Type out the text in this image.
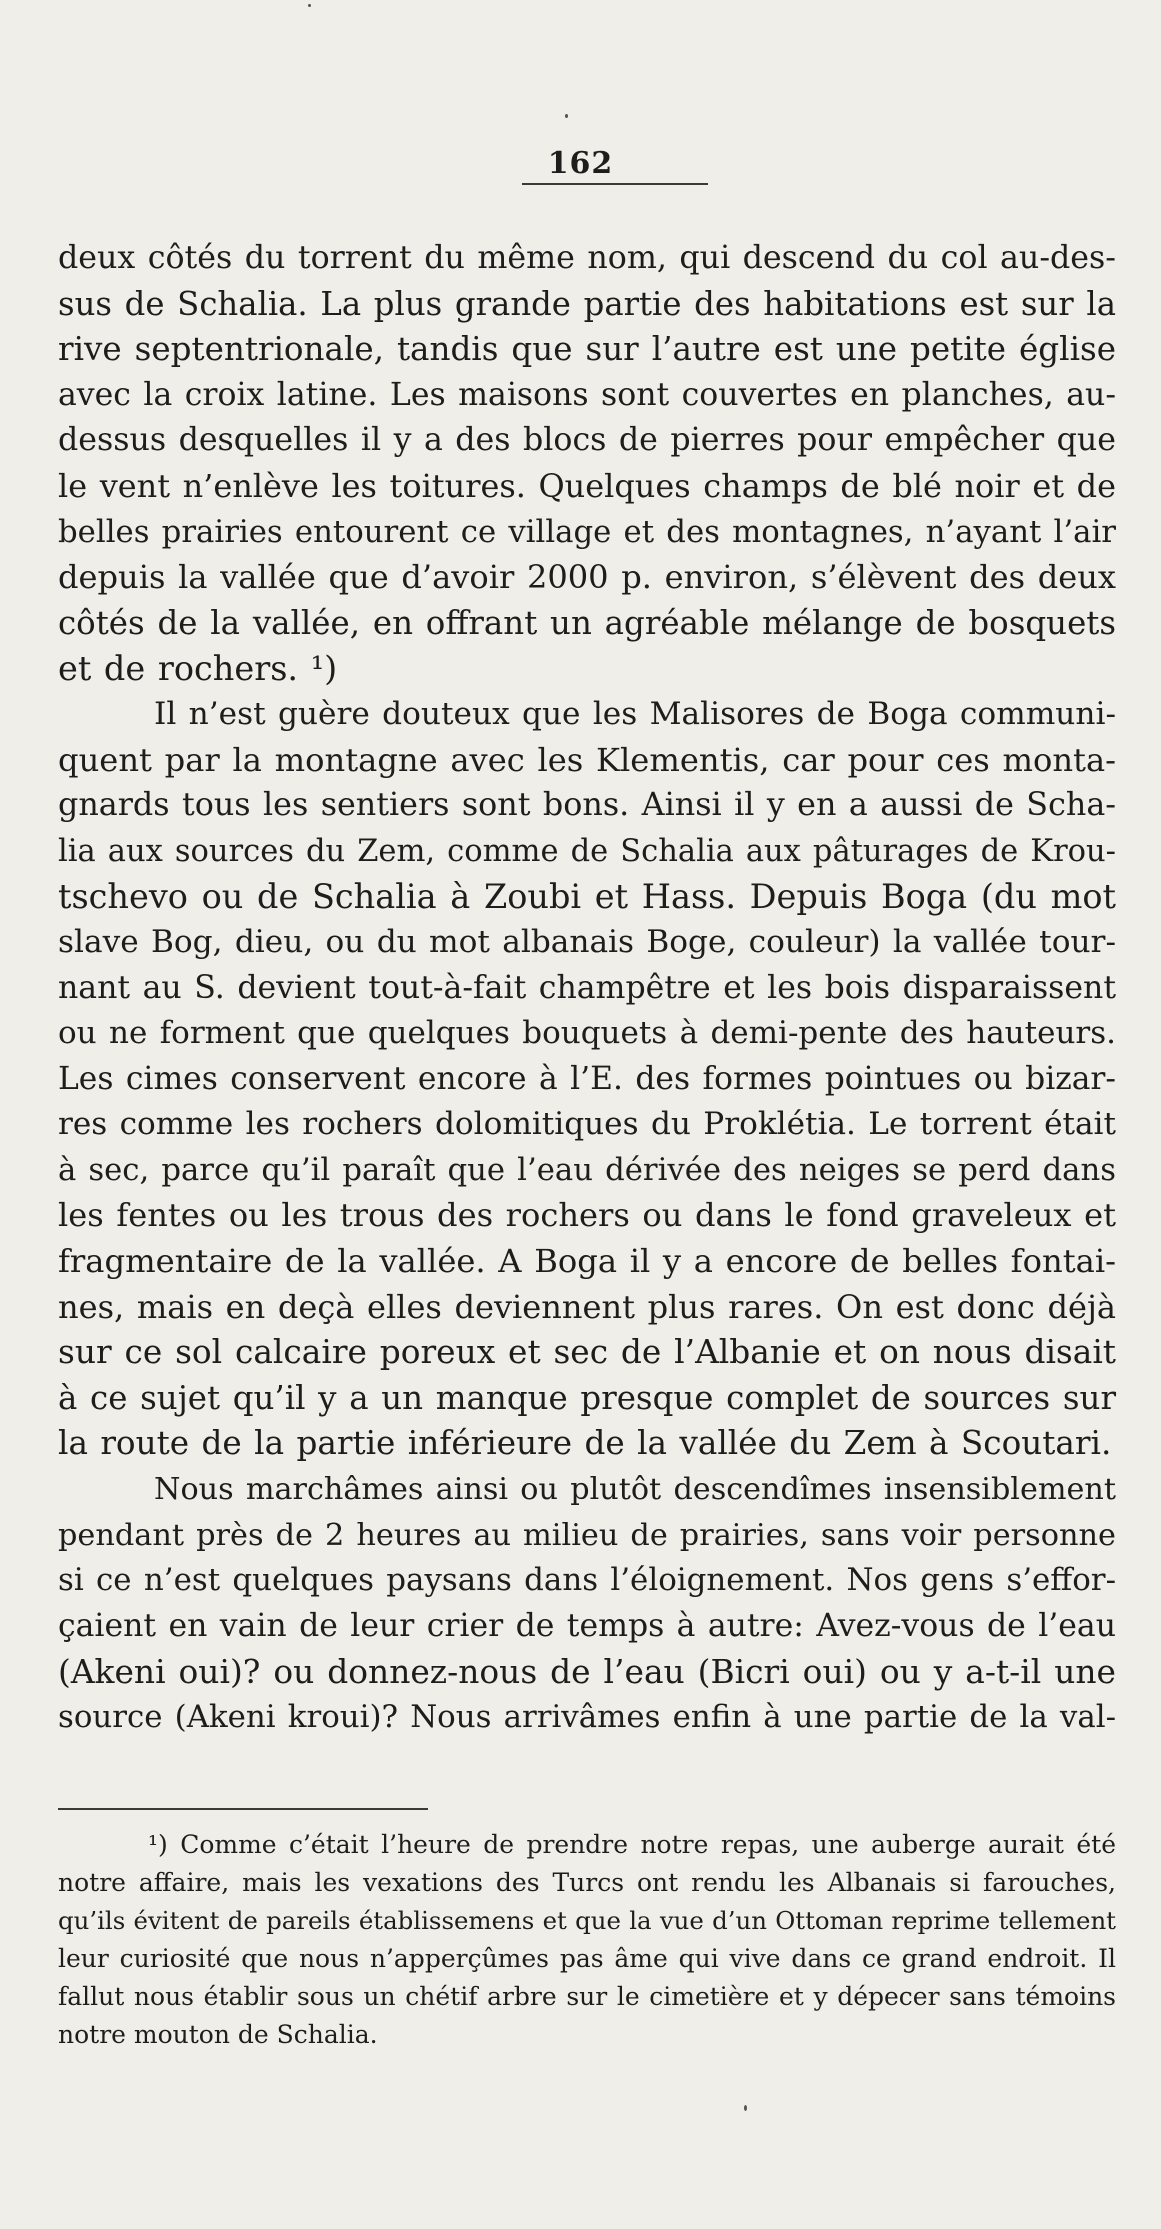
162
deux côtés du torrent du même nom, qui descend du col au-des-
sus de Schalia. La plus grande partie des habitations est sur la
rive septentrionale, tandis que sur l’autre est une petite église
avec la croix latine. Les maisons sont couvertes en planches, au-
dessus desquelles il y a des blocs de pierres pour empêcher que
le vent n’enlève les toitures. Quelques champs de blé noir et de
belles prairies entourent ce village et des montagnes, n’ayant l’air
depuis la vallée que d’avoir 2000 p. environ, s’élèvent des deux
côtés de la vallée, en offrant un agréable mélange de bosquets
et de rochers. ¹)
Il n’est guère douteux que les Malisores de Boga communi-
quent par la montagne avec les Klementis, car pour ces monta-
gnards tous les sentiers sont bons. Ainsi il y en a aussi de Scha-
lia aux sources du Zem, comme de Schalia aux pâturages de Krou-
tschevo ou de Schalia à Zoubi et Hass. Depuis Boga (du mot
slave Bog, dieu, ou du mot albanais Boge, couleur) la vallée tour-
nant au S. devient tout-à-fait champêtre et les bois disparaissent
ou ne forment que quelques bouquets à demi-pente des hauteurs.
Les cimes conservent encore à l’E. des formes pointues ou bizar-
res comme les rochers dolomitiques du Proklétia. Le torrent était
à sec, parce qu’il paraît que l’eau dérivée des neiges se perd dans
les fentes ou les trous des rochers ou dans le fond graveleux et
fragmentaire de la vallée. A Boga il y a encore de belles fontai-
nes, mais en deçà elles deviennent plus rares. On est donc déjà
sur ce sol calcaire poreux et sec de l’Albanie et on nous disait
à ce sujet qu’il y a un manque presque complet de sources sur
la route de la partie inférieure de la vallée du Zem à Scoutari.
Nous marchâmes ainsi ou plutôt descendîmes insensiblement
pendant près de 2 heures au milieu de prairies, sans voir personne
si ce n’est quelques paysans dans l’éloignement. Nos gens s’effor-
çaient en vain de leur crier de temps à autre: Avez-vous de l’eau
(Akeni oui)? ou donnez-nous de l’eau (Bicri oui) ou y a-t-il une
source (Akeni kroui)? Nous arrivâmes enfin à une partie de la val-
¹) Comme c’était l’heure de prendre notre repas, une auberge aurait été
notre affaire, mais les vexations des Turcs ont rendu les Albanais si farouches,
qu’ils évitent de pareils établissemens et que la vue d’un Ottoman reprime tellement
leur curiosité que nous n’apperçûmes pas âme qui vive dans ce grand endroit. Il
fallut nous établir sous un chétif arbre sur le cimetière et y dépecer sans témoins
notre mouton de Schalia.
